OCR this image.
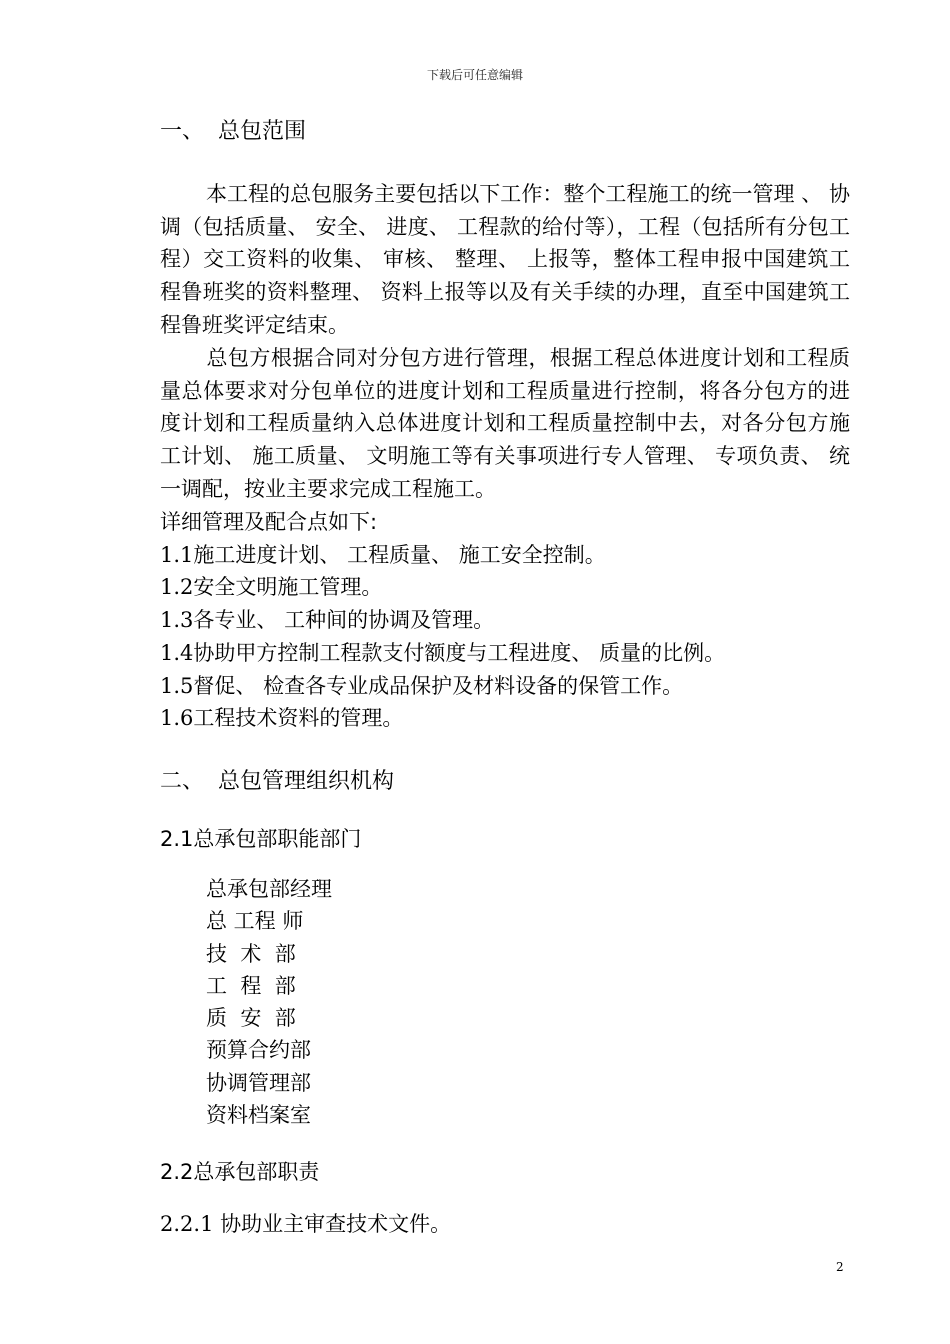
下载后可任意编辑
一、 总包范围
本工程的总包服务主要包括以下工作：整个工程施工的统一管理 、 协调（包括质量、 安全、 进度、 工程款的给付等），工程（包括所有分包工程）交工资料的收集、 审核、 整理、 上报等，整体工程申报中国建筑工程鲁班奖的资料整理、 资料上报等以及有关手续的办理，直至中国建筑工程鲁班奖评定结束。
总包方根据合同对分包方进行管理，根据工程总体进度计划和工程质量总体要求对分包单位的进度计划和工程质量进行控制，将各分包方的进度计划和工程质量纳入总体进度计划和工程质量控制中去，对各分包方施工计划、 施工质量、 文明施工等有关事项进行专人管理、 专项负责、 统一调配，按业主要求完成工程施工。
详细管理及配合点如下:
1.1施工进度计划、 工程质量、 施工安全控制。
1.2安全文明施工管理。
1.3各专业、 工种间的协调及管理。
1.4协助甲方控制工程款支付额度与工程进度、 质量的比例。
1.5督促、 检查各专业成品保护及材料设备的保管工作。
1.6工程技术资料的管理。
二、 总包管理组织机构
2.1总承包部职能部门
总承包部经理
总 工程 师
技  术  部
工  程  部
质  安  部
预算合约部
协调管理部
资料档案室
2.2总承包部职责
2.2.1 协助业主审查技术文件。
2
